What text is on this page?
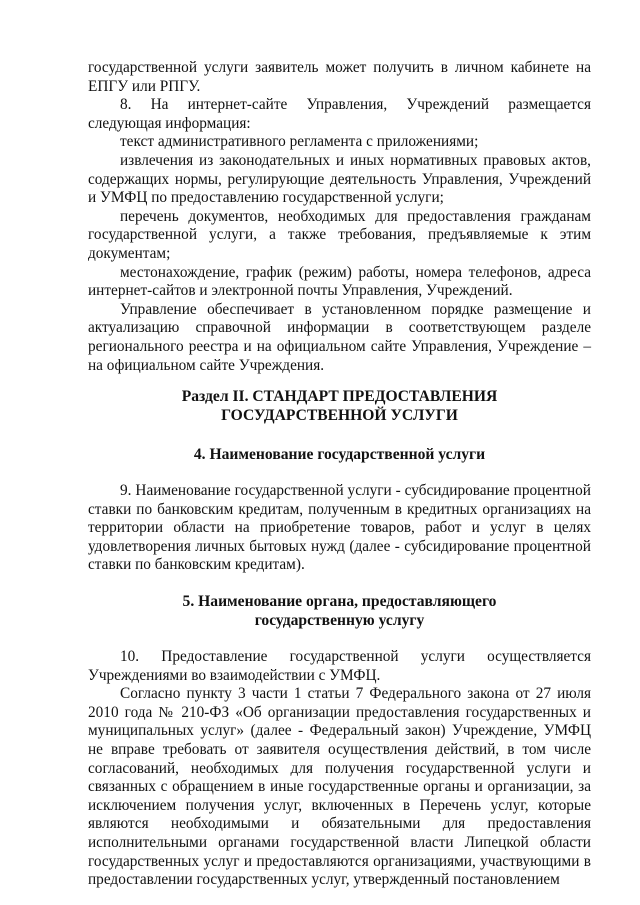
государственной услуги заявитель может получить в личном кабинете на ЕПГУ или РПГУ.

8. На интернет-сайте Управления, Учреждений размещается следующая информация:

текст административного регламента с приложениями;

извлечения из законодательных и иных нормативных правовых актов, содержащих нормы, регулирующие деятельность Управления, Учреждений и УМФЦ по предоставлению государственной услуги;

перечень документов, необходимых для предоставления гражданам государственной услуги, а также требования, предъявляемые к этим документам;

местонахождение, график (режим) работы, номера телефонов, адреса интернет-сайтов и электронной почты Управления, Учреждений.

Управление обеспечивает в установленном порядке размещение и актуализацию справочной информации в соответствующем разделе регионального реестра и на официальном сайте Управления, Учреждение – на официальном сайте Учреждения.

Раздел II. СТАНДАРТ ПРЕДОСТАВЛЕНИЯ ГОСУДАРСТВЕННОЙ УСЛУГИ
4. Наименование государственной услуги

9. Наименование государственной услуги - субсидирование процентной ставки по банковским кредитам, полученным в кредитных организациях на территории области на приобретение товаров, работ и услуг в целях удовлетворения личных бытовых нужд (далее - субсидирование процентной ставки по банковским кредитам).

5. Наименование органа, предоставляющего
государственную услугу

10. Предоставление государственной услуги осуществляется Учреждениями во взаимодействии с УМФЦ.

Согласно пункту 3 части 1 статьи 7 Федерального закона от 27 июля 2010 года № 210-ФЗ «Об организации предоставления государственных и муниципальных услуг» (далее - Федеральный закон) Учреждение, УМФЦ не вправе требовать от заявителя осуществления действий, в том числе согласований, необходимых для получения государственной услуги и связанных с обращением в иные государственные органы и организации, за исключением получения услуг, включенных в Перечень услуг, которые являются необходимыми и обязательными для предоставления исполнительными органами государственной власти Липецкой области государственных услуг и предоставляются организациями, участвующими в предоставлении государственных услуг, утвержденный постановлением
